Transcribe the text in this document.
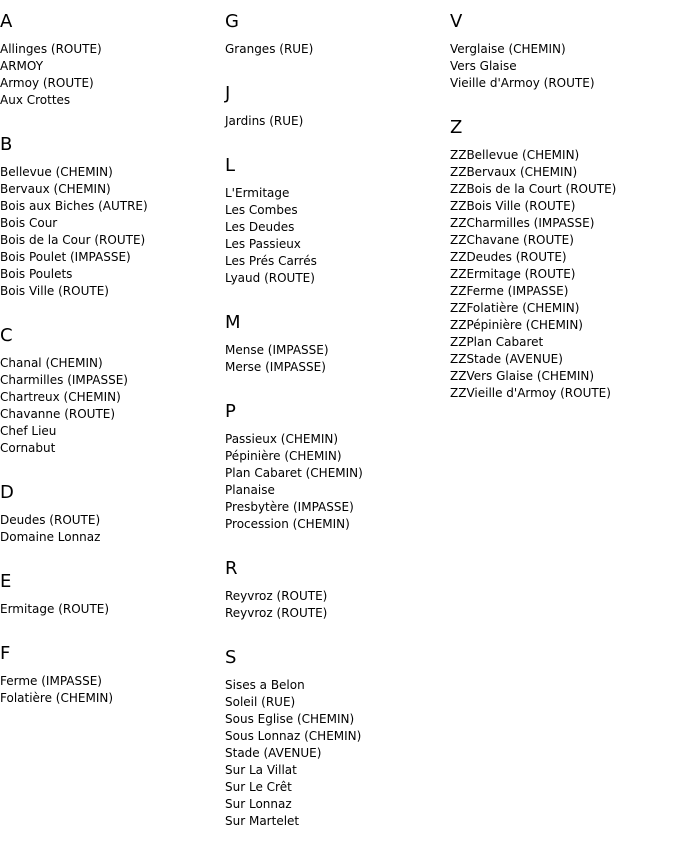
A
Allinges (ROUTE)
ARMOY
Armoy (ROUTE)
Aux Crottes
B
Bellevue (CHEMIN)
Bervaux (CHEMIN)
Bois aux Biches (AUTRE)
Bois Cour
Bois de la Cour (ROUTE)
Bois Poulet (IMPASSE)
Bois Poulets
Bois Ville (ROUTE)
C
Chanal (CHEMIN)
Charmilles (IMPASSE)
Chartreux (CHEMIN)
Chavanne (ROUTE)
Chef Lieu
Cornabut
D
Deudes (ROUTE)
Domaine Lonnaz
E
Ermitage (ROUTE)
F
Ferme (IMPASSE)
Folatière (CHEMIN)
G
Granges (RUE)
J
Jardins (RUE)
L
L'Ermitage
Les Combes
Les Deudes
Les Passieux
Les Prés Carrés
Lyaud (ROUTE)
M
Mense (IMPASSE)
Merse (IMPASSE)
P
Passieux (CHEMIN)
Pépinière (CHEMIN)
Plan Cabaret (CHEMIN)
Planaise
Presbytère (IMPASSE)
Procession (CHEMIN)
R
Reyvroz (ROUTE)
Reyvroz (ROUTE)
S
Sises a Belon
Soleil (RUE)
Sous Eglise (CHEMIN)
Sous Lonnaz (CHEMIN)
Stade (AVENUE)
Sur La Villat
Sur Le Crêt
Sur Lonnaz
Sur Martelet
V
Verglaise (CHEMIN)
Vers Glaise
Vieille d'Armoy (ROUTE)
Z
ZZBellevue (CHEMIN)
ZZBervaux (CHEMIN)
ZZBois de la Court (ROUTE)
ZZBois Ville (ROUTE)
ZZCharmilles (IMPASSE)
ZZChavane (ROUTE)
ZZDeudes (ROUTE)
ZZErmitage (ROUTE)
ZZFerme (IMPASSE)
ZZFolatière (CHEMIN)
ZZPépinière (CHEMIN)
ZZPlan Cabaret
ZZStade (AVENUE)
ZZVers Glaise (CHEMIN)
ZZVieille d'Armoy (ROUTE)
